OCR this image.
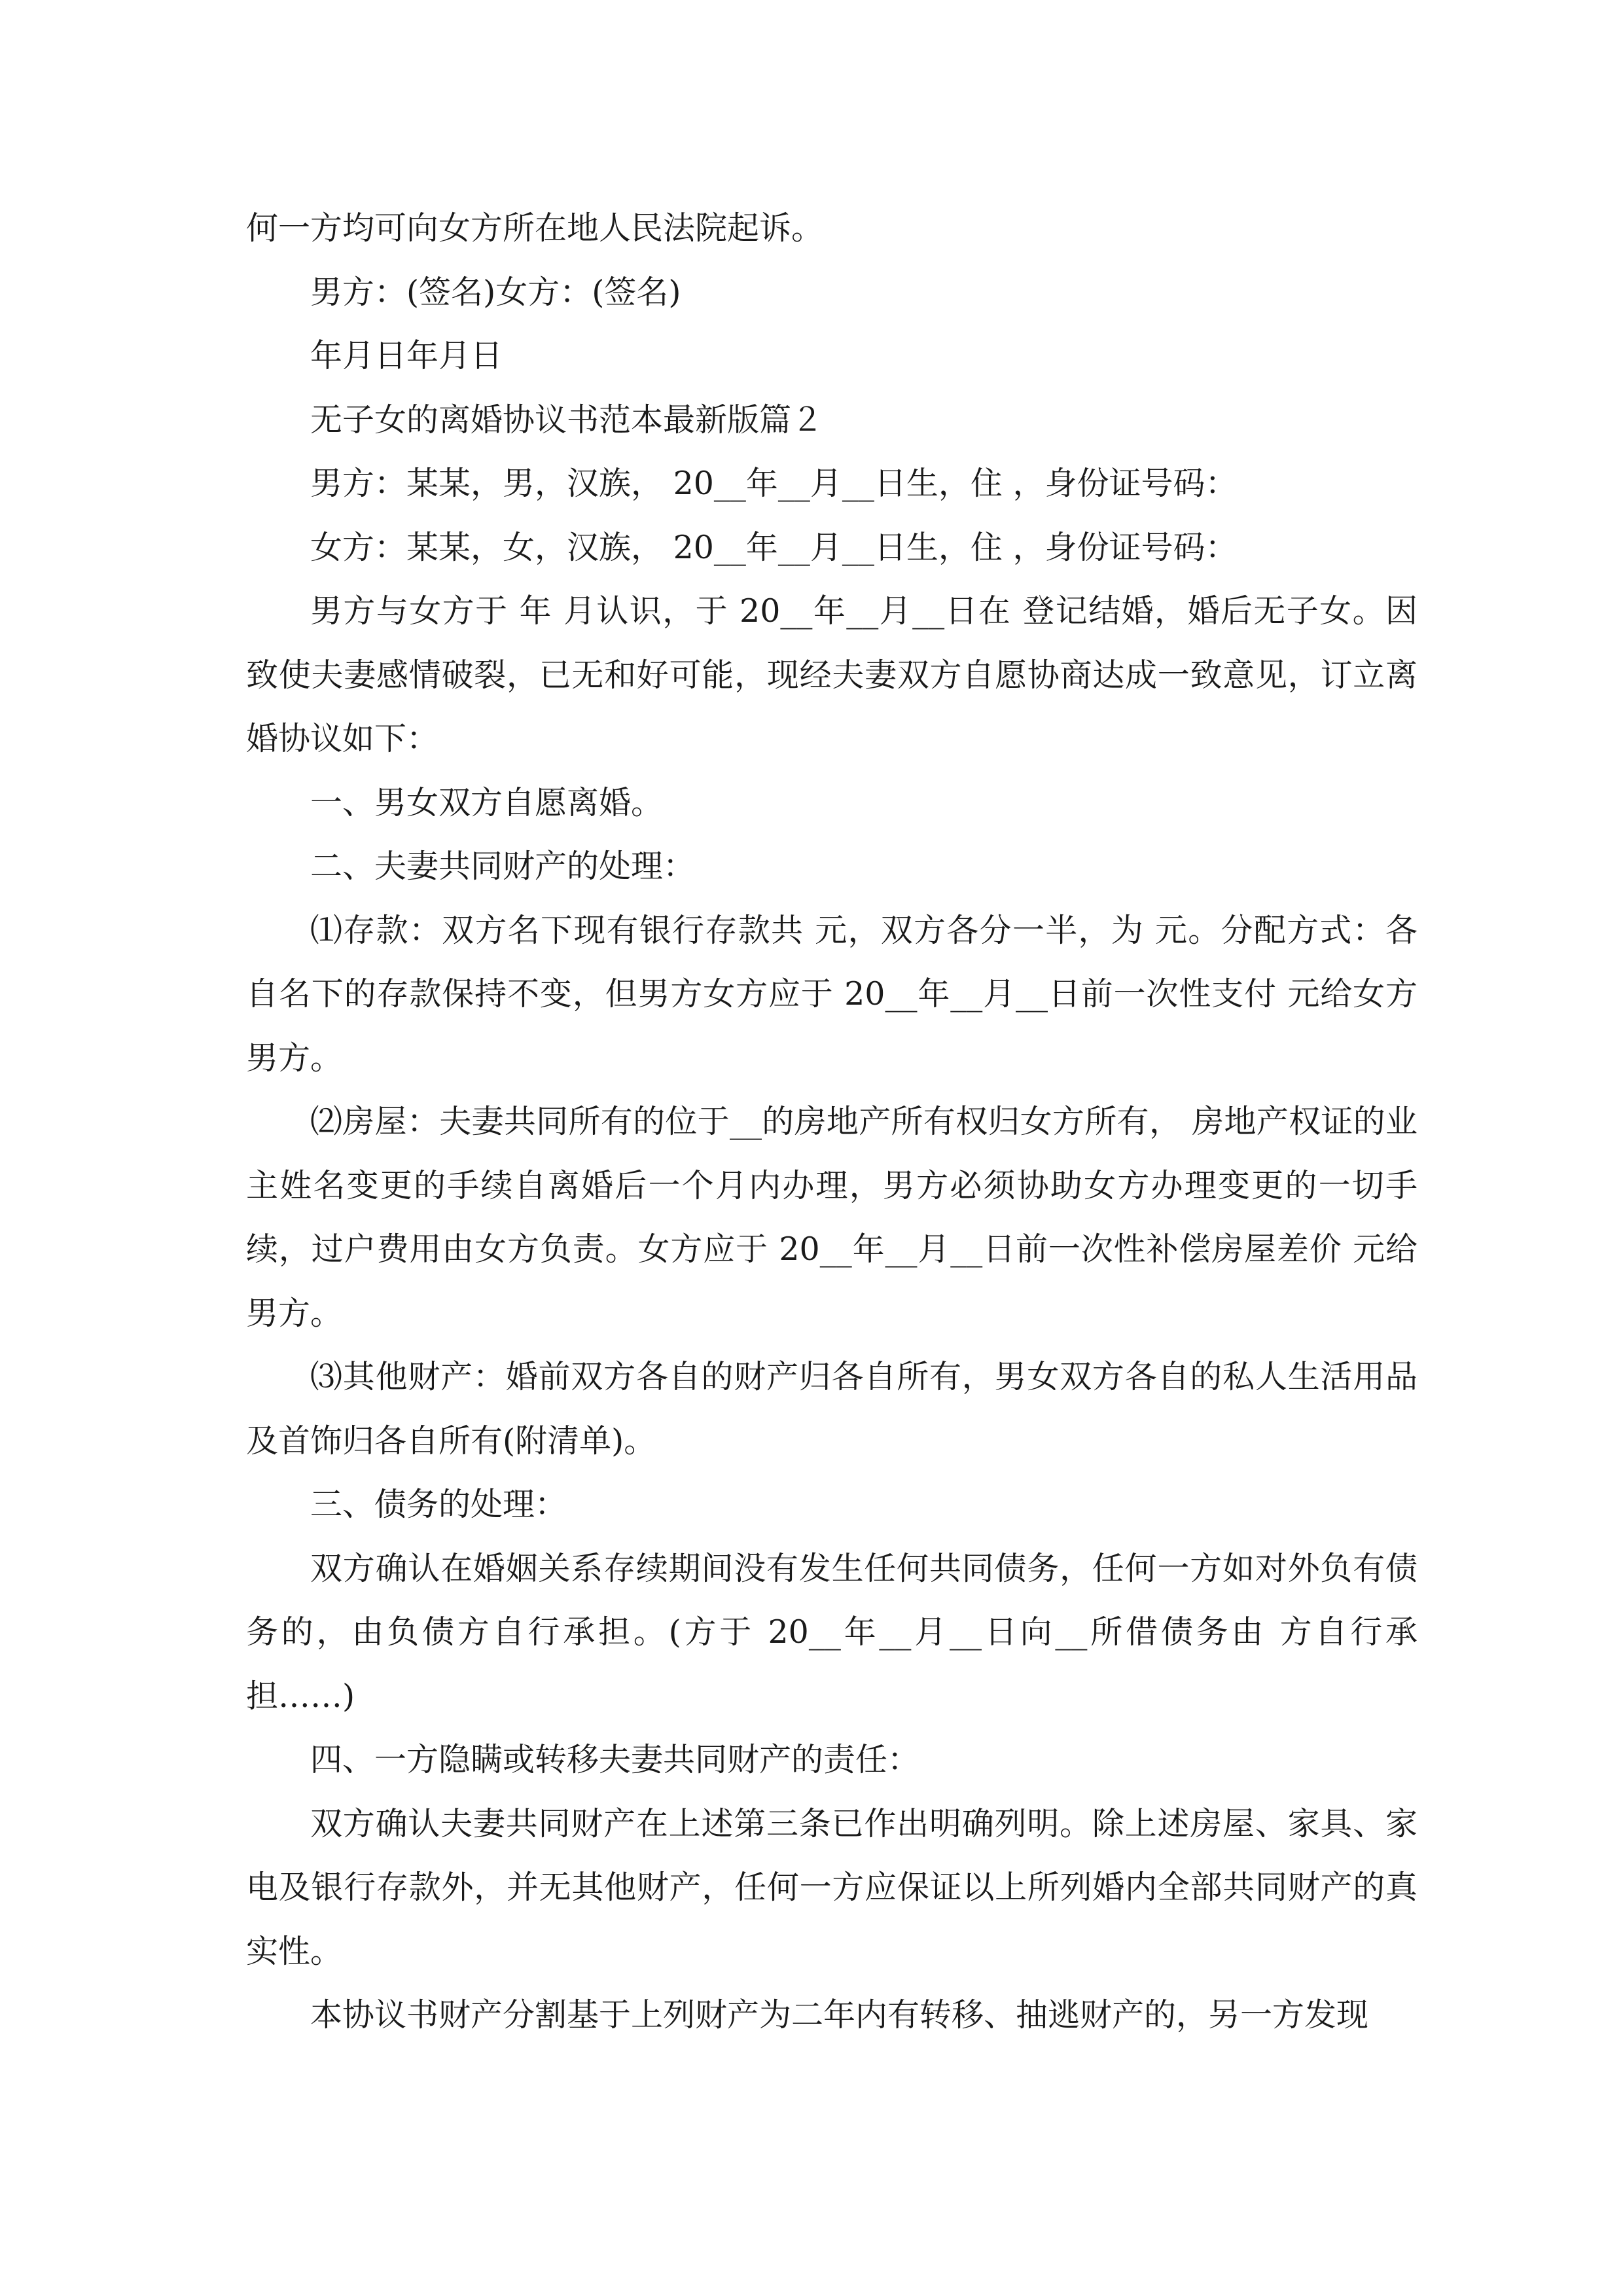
何一方均可向女方所在地人民法院起诉。

男方：(签名)女方：(签名)

年月日年月日

无子女的离婚协议书范本最新版篇２

男方：某某，男，汉族， 20__年__月__日生，住 ，身份证号码：

女方：某某，女，汉族， 20__年__月__日生，住 ，身份证号码：

男方与女方于 年 月认识，于 20__年__月__日在 登记结婚，婚后无子女。因致使夫妻感情破裂，已无和好可能，现经夫妻双方自愿协商达成一致意见，订立离婚协议如下：

一、男女双方自愿离婚。

二、夫妻共同财产的处理：

⑴存款：双方名下现有银行存款共 元，双方各分一半，为 元。分配方式：各自名下的存款保持不变，但男方女方应于 20__年__月__日前一次性支付 元给女方男方。

⑵房屋：夫妻共同所有的位于__的房地产所有权归女方所有， 房地产权证的业主姓名变更的手续自离婚后一个月内办理，男方必须协助女方办理变更的一切手续，过户费用由女方负责。女方应于 20__年__月__日前一次性补偿房屋差价 元给男方。

⑶其他财产：婚前双方各自的财产归各自所有，男女双方各自的私人生活用品及首饰归各自所有(附清单)。

三、债务的处理：

双方确认在婚姻关系存续期间没有发生任何共同债务，任何一方如对外负有债务的，由负债方自行承担。(方于 20__年__月__日向__所借债务由 方自行承担……)

四、一方隐瞒或转移夫妻共同财产的责任：

双方确认夫妻共同财产在上述第三条已作出明确列明。除上述房屋、家具、家电及银行存款外，并无其他财产，任何一方应保证以上所列婚内全部共同财产的真实性。

本协议书财产分割基于上列财产为二年内有转移、抽逃财产的，另一方发现
